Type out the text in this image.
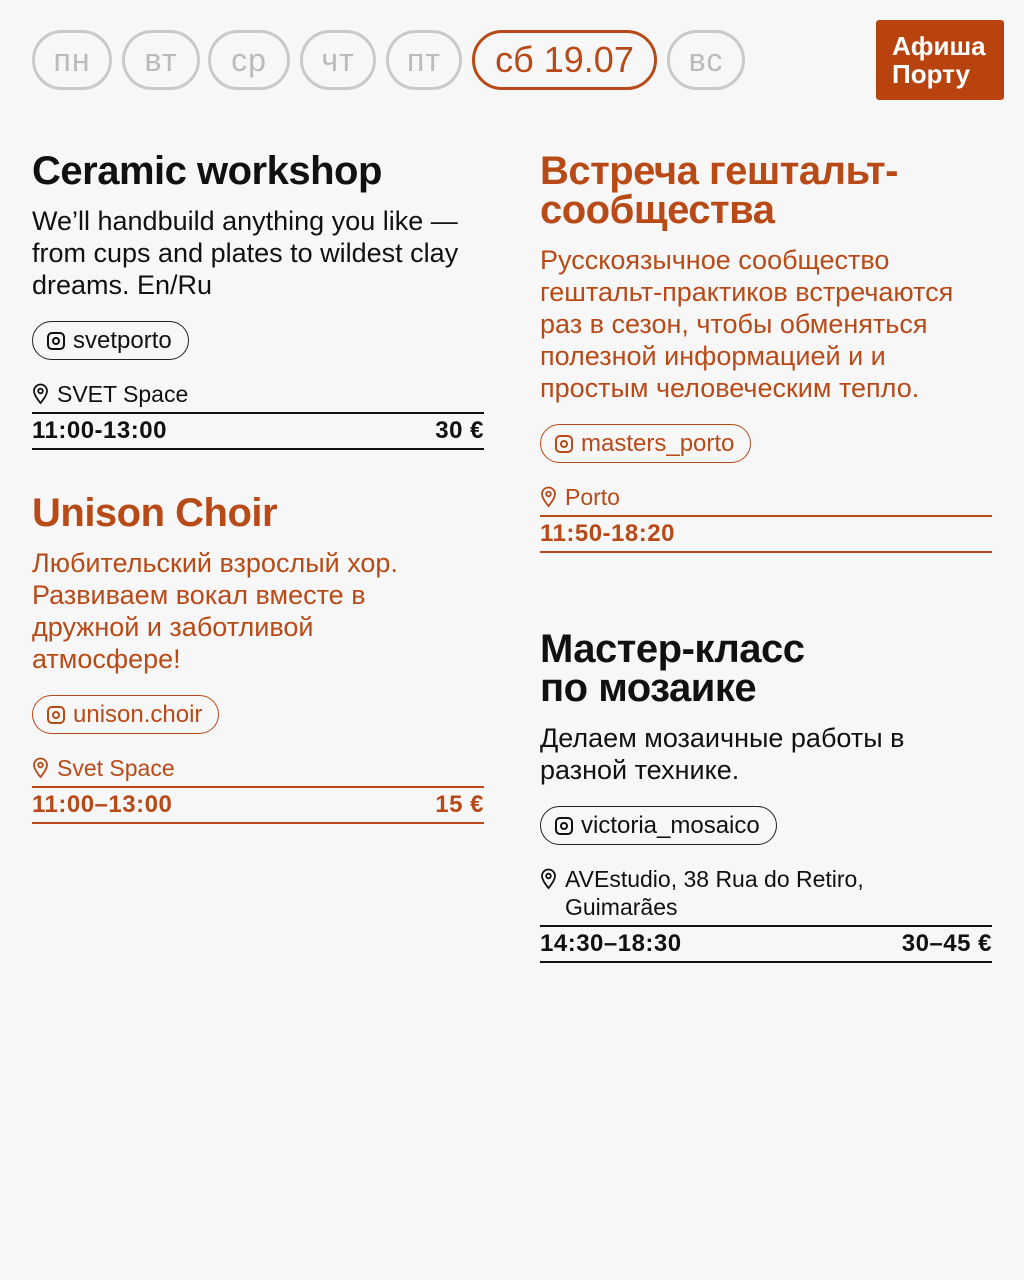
пн	вт	ср	чт	пт	сб 19.07	вс	Афиша
Порту
Ceramic workshop
We’ll handbuild anything you like — from cups and plates to wildest clay dreams. En/Ru
svetporto
SVET Space
11:00-13:00	30 €
Unison Choir
Любительский взрослый хор. Развиваем вокал вместе в дружной и заботливой атмосфере!
unison.choir
Svet Space
11:00–13:00	15 €
Встреча гештальт-сообщества
Русскоязычное сообщество гештальт-практиков встречаются раз в сезон, чтобы обменяться полезной информацией и и простым человеческим тепло.
masters_porto
Porto
11:50-18:20
Мастер-класс по мозаике
Делаем мозаичные работы в разной технике.
victoria_mosaico
AVEstudio, 38 Rua do Retiro, Guimarães
14:30–18:30	30–45 €
